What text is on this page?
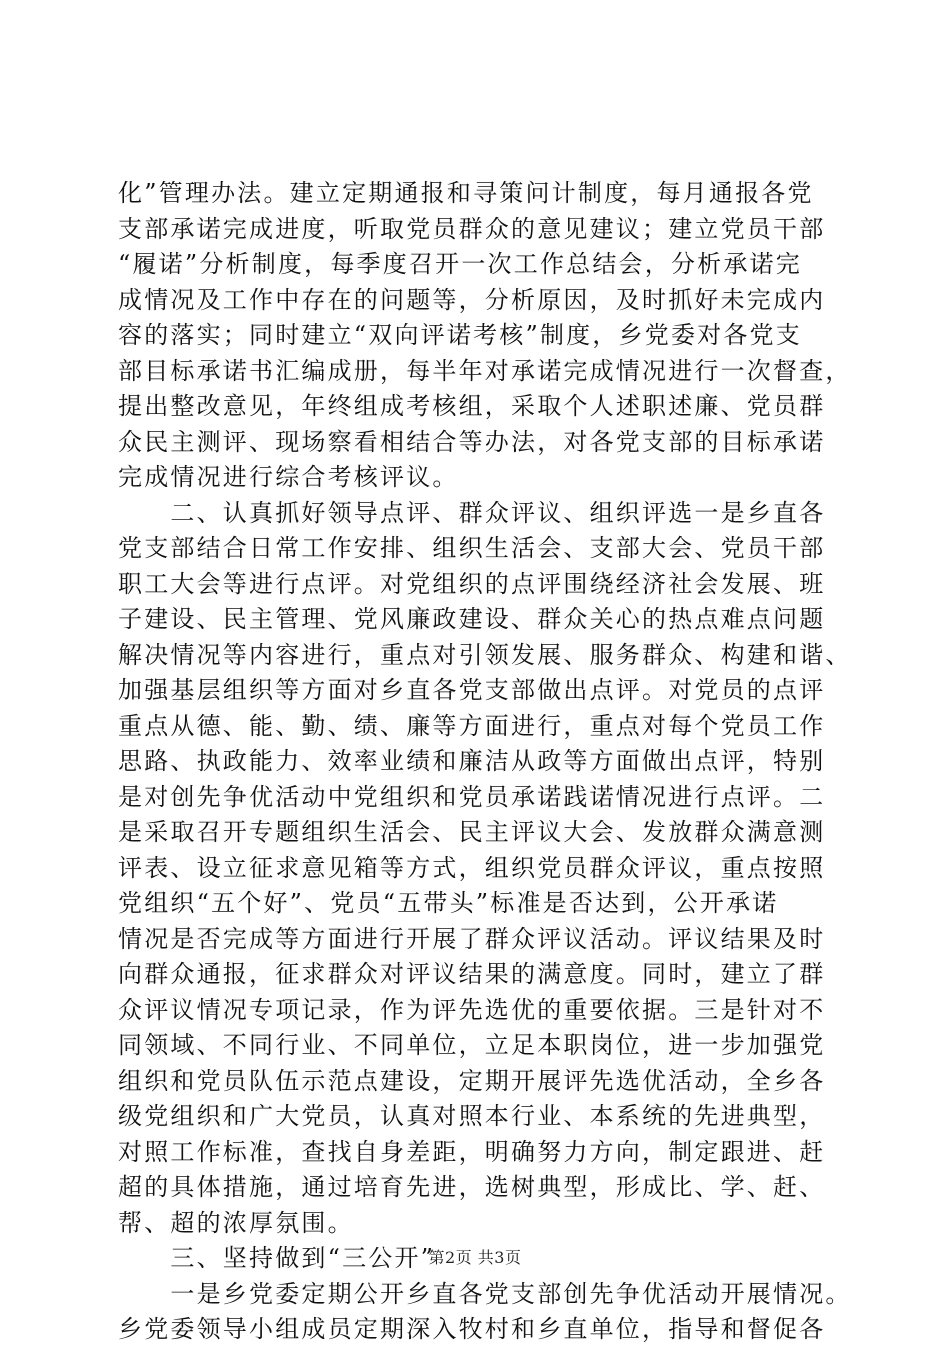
化”管理办法。建立定期通报和寻策问计制度，每月通报各党
支部承诺完成进度，听取党员群众的意见建议；建立党员干部
“履诺”分析制度，每季度召开一次工作总结会，分析承诺完
成情况及工作中存在的问题等，分析原因，及时抓好未完成内
容的落实；同时建立“双向评诺考核”制度，乡党委对各党支
部目标承诺书汇编成册，每半年对承诺完成情况进行一次督查，
提出整改意见，年终组成考核组，采取个人述职述廉、党员群
众民主测评、现场察看相结合等办法，对各党支部的目标承诺
完成情况进行综合考核评议。
　　二、认真抓好领导点评、群众评议、组织评选一是乡直各
党支部结合日常工作安排、组织生活会、支部大会、党员干部
职工大会等进行点评。对党组织的点评围绕经济社会发展、班
子建设、民主管理、党风廉政建设、群众关心的热点难点问题
解决情况等内容进行，重点对引领发展、服务群众、构建和谐、
加强基层组织等方面对乡直各党支部做出点评。对党员的点评
重点从德、能、勤、绩、廉等方面进行，重点对每个党员工作
思路、执政能力、效率业绩和廉洁从政等方面做出点评，特别
是对创先争优活动中党组织和党员承诺践诺情况进行点评。二
是采取召开专题组织生活会、民主评议大会、发放群众满意测
评表、设立征求意见箱等方式，组织党员群众评议，重点按照
党组织“五个好”、党员“五带头”标准是否达到，公开承诺
情况是否完成等方面进行开展了群众评议活动。评议结果及时
向群众通报，征求群众对评议结果的满意度。同时，建立了群
众评议情况专项记录，作为评先选优的重要依据。三是针对不
同领域、不同行业、不同单位，立足本职岗位，进一步加强党
组织和党员队伍示范点建设，定期开展评先选优活动，全乡各
级党组织和广大党员，认真对照本行业、本系统的先进典型，
对照工作标准，查找自身差距，明确努力方向，制定跟进、赶
超的具体措施，通过培育先进，选树典型，形成比、学、赶、
帮、超的浓厚氛围。
　　三、坚持做到“三公开”
　　一是乡党委定期公开乡直各党支部创先争优活动开展情况。
乡党委领导小组成员定期深入牧村和乡直单位，指导和督促各
第2页 共3页
